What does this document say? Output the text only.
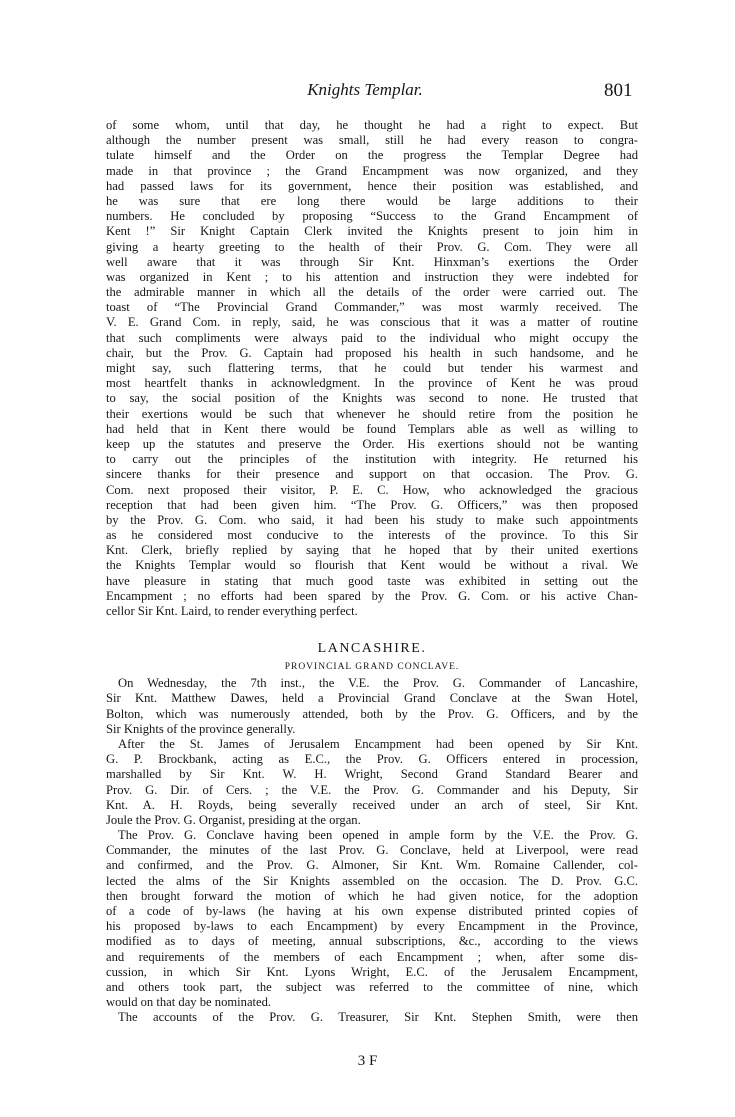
Knights Templar.	801
of some whom, until that day, he thought he had a right to expect. But
although the number present was small, still he had every reason to congra-
tulate himself and the Order on the progress the Templar Degree had
made in that province ; the Grand Encampment was now organized, and they
had passed laws for its government, hence their position was established, and
he was sure that ere long there would be large additions to their
numbers. He concluded by proposing “Success to the Grand Encampment of
Kent !” Sir Knight Captain Clerk invited the Knights present to join him in
giving a hearty greeting to the health of their Prov. G. Com. They were all
well aware that it was through Sir Knt. Hinxman’s exertions the Order
was organized in Kent ; to his attention and instruction they were indebted for
the admirable manner in which all the details of the order were carried out. The
toast of “The Provincial Grand Commander,” was most warmly received. The
V. E. Grand Com. in reply, said, he was conscious that it was a matter of routine
that such compliments were always paid to the individual who might occupy the
chair, but the Prov. G. Captain had proposed his health in such handsome, and he
might say, such flattering terms, that he could but tender his warmest and
most heartfelt thanks in acknowledgment. In the province of Kent he was proud
to say, the social position of the Knights was second to none. He trusted that
their exertions would be such that whenever he should retire from the position he
had held that in Kent there would be found Templars able as well as willing to
keep up the statutes and preserve the Order. His exertions should not be wanting
to carry out the principles of the institution with integrity. He returned his
sincere thanks for their presence and support on that occasion. The Prov. G.
Com. next proposed their visitor, P. E. C. How, who acknowledged the gracious
reception that had been given him. “The Prov. G. Officers,” was then proposed
by the Prov. G. Com. who said, it had been his study to make such appointments
as he considered most conducive to the interests of the province. To this Sir
Knt. Clerk, briefly replied by saying that he hoped that by their united exertions
the Knights Templar would so flourish that Kent would be without a rival. We
have pleasure in stating that much good taste was exhibited in setting out the
Encampment ; no efforts had been spared by the Prov. G. Com. or his active Chan-
cellor Sir Knt. Laird, to render everything perfect.
LANCASHIRE.
PROVINCIAL GRAND CONCLAVE.
On Wednesday, the 7th inst., the V.E. the Prov. G. Commander of Lancashire,
Sir Knt. Matthew Dawes, held a Provincial Grand Conclave at the Swan Hotel,
Bolton, which was numerously attended, both by the Prov. G. Officers, and by the
Sir Knights of the province generally.
After the St. James of Jerusalem Encampment had been opened by Sir Knt.
G. P. Brockbank, acting as E.C., the Prov. G. Officers entered in procession,
marshalled by Sir Knt. W. H. Wright, Second Grand Standard Bearer and
Prov. G. Dir. of Cers. ; the V.E. the Prov. G. Commander and his Deputy, Sir
Knt. A. H. Royds, being severally received under an arch of steel, Sir Knt.
Joule the Prov. G. Organist, presiding at the organ.
The Prov. G. Conclave having been opened in ample form by the V.E. the Prov. G.
Commander, the minutes of the last Prov. G. Conclave, held at Liverpool, were read
and confirmed, and the Prov. G. Almoner, Sir Knt. Wm. Romaine Callender, col-
lected the alms of the Sir Knights assembled on the occasion. The D. Prov. G.C.
then brought forward the motion of which he had given notice, for the adoption
of a code of by-laws (he having at his own expense distributed printed copies of
his proposed by-laws to each Encampment) by every Encampment in the Province,
modified as to days of meeting, annual subscriptions, &c., according to the views
and requirements of the members of each Encampment ; when, after some dis-
cussion, in which Sir Knt. Lyons Wright, E.C. of the Jerusalem Encampment,
and others took part, the subject was referred to the committee of nine, which
would on that day be nominated.
The accounts of the Prov. G. Treasurer, Sir Knt. Stephen Smith, were then
3 F
